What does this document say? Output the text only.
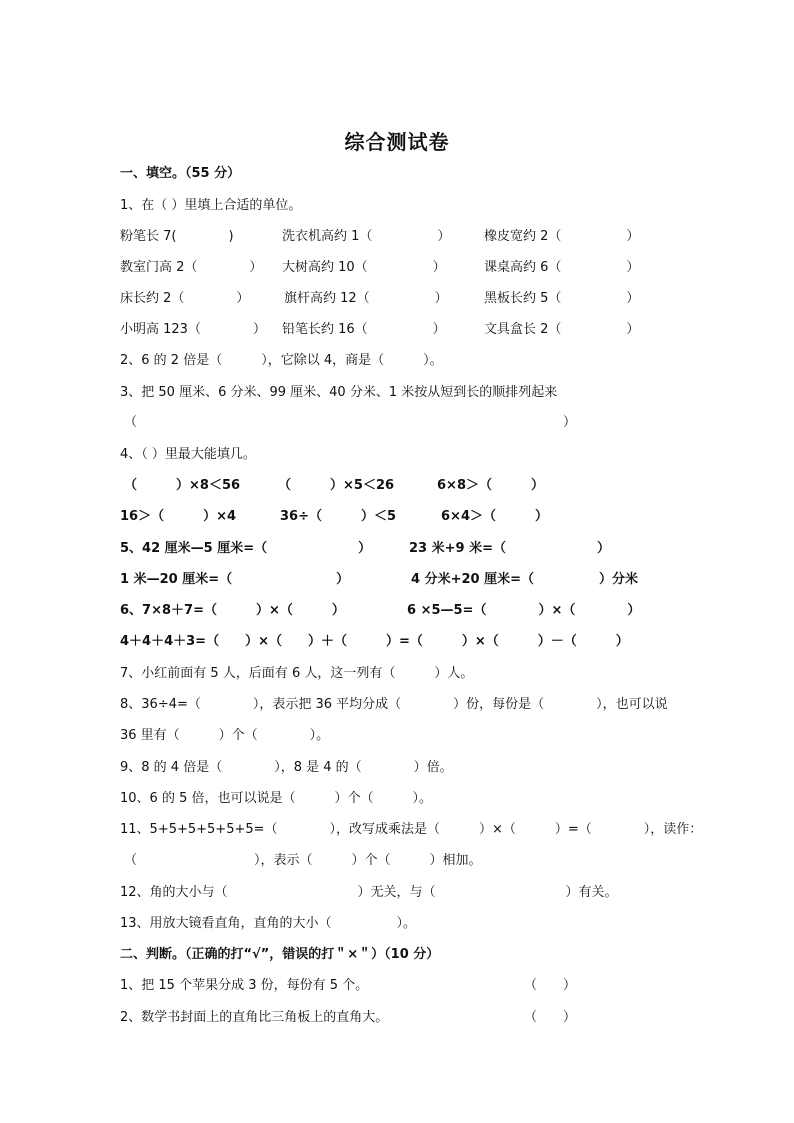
综合测试卷
一、填空。（55 分）
1、在（ ）里填上合适的单位。
粉笔长 7(　　　　)	洗衣机高约 1（　　　　　）	橡皮宽约 2（　　　　　）
教室门高 2（　　　　） 大树高约 10（　　　　　）	课桌高约 6（　　　　　）
床长约 2（　　　　）	旗杆高约 12（　　　　　）	黑板长约 5（　　　　　）
小明高 123（　　　　） 铅笔长约 16（　　　　　）	文具盒长 2（　　　　　）
2、6 的 2 倍是（　　　），它除以 4，商是（　　　）。
3、把 50 厘米、6 分米、99 厘米、40 分米、1 米按从短到长的顺排列起来
（	）
4、（ ）里最大能填几。
（　　　）×8＜56	（　　　）×5＜26	6×8＞（　　　）
16＞（　　　）×4	36÷（　　　）＜5	6×4＞（　　　）
5、42 厘米—5 厘米=（　　　　　　　）	23 米+9 米=（　　　　　　　）
1 米—20 厘米=（　　　　　　　　）	4 分米+20 厘米=（　　　　　）分米
6、7×8＋7=（　　　）×（　　　）	6 ×5—5=（　　　　）×（　　　　）
4＋4＋4＋3=（　　）×（　　）＋（　　　）=（　　　）×（　　　）－（　　　）
7、小红前面有 5 人，后面有 6 人，这一列有（　　　）人。
8、36÷4=（　　　　），表示把 36 平均分成（　　　　）份，每份是（　　　　），也可以说
36 里有（　　　）个（　　　　）。
9、8 的 4 倍是（　　　　），8 是 4 的（　　　　）倍。
10、6 的 5 倍，也可以说是（　　　）个（　　　）。
11、5+5+5+5+5+5=（　　　　），改写成乘法是（　　　）×（　　　）=（　　　　），读作：
（　　　　　　　　　），表示（　　　）个（　　　）相加。
12、角的大小与（　　　　　　　　　　）无关，与（　　　　　　　　　　）有关。
13、用放大镜看直角，直角的大小（　　　　　）。
二、判断。（正确的打“√”，错误的打＂×＂）（10 分）
1、把 15 个苹果分成 3 份，每份有 5 个。	（　　）
2、数学书封面上的直角比三角板上的直角大。	（　　）
